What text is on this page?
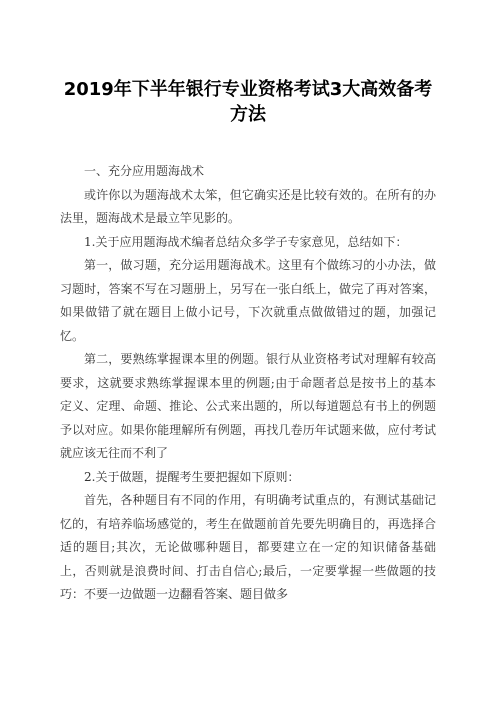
2019年下半年银行专业资格考试3大高效备考方法

一、充分应用题海战术

或许你以为题海战术太笨，但它确实还是比较有效的。在所有的办法里，题海战术是最立竿见影的。

1.关于应用题海战术编者总结众多学子专家意见，总结如下：

第一，做习题，充分运用题海战术。这里有个做练习的小办法，做习题时，答案不写在习题册上，另写在一张白纸上，做完了再对答案，如果做错了就在题目上做小记号，下次就重点做做错过的题，加强记忆。

第二，要熟练掌握课本里的例题。银行从业资格考试对理解有较高要求，这就要求熟练掌握课本里的例题;由于命题者总是按书上的基本定义、定理、命题、推论、公式来出题的，所以每道题总有书上的例题予以对应。如果你能理解所有例题，再找几卷历年试题来做，应付考试就应该无往而不利了

2.关于做题，提醒考生要把握如下原则：

首先，各种题目有不同的作用，有明确考试重点的，有测试基础记忆的，有培养临场感觉的，考生在做题前首先要先明确目的，再选择合适的题目;其次，无论做哪种题目，都要建立在一定的知识储备基础上，否则就是浪费时间、打击自信心;最后，一定要掌握一些做题的技巧：不要一边做题一边翻看答案、题目做多
